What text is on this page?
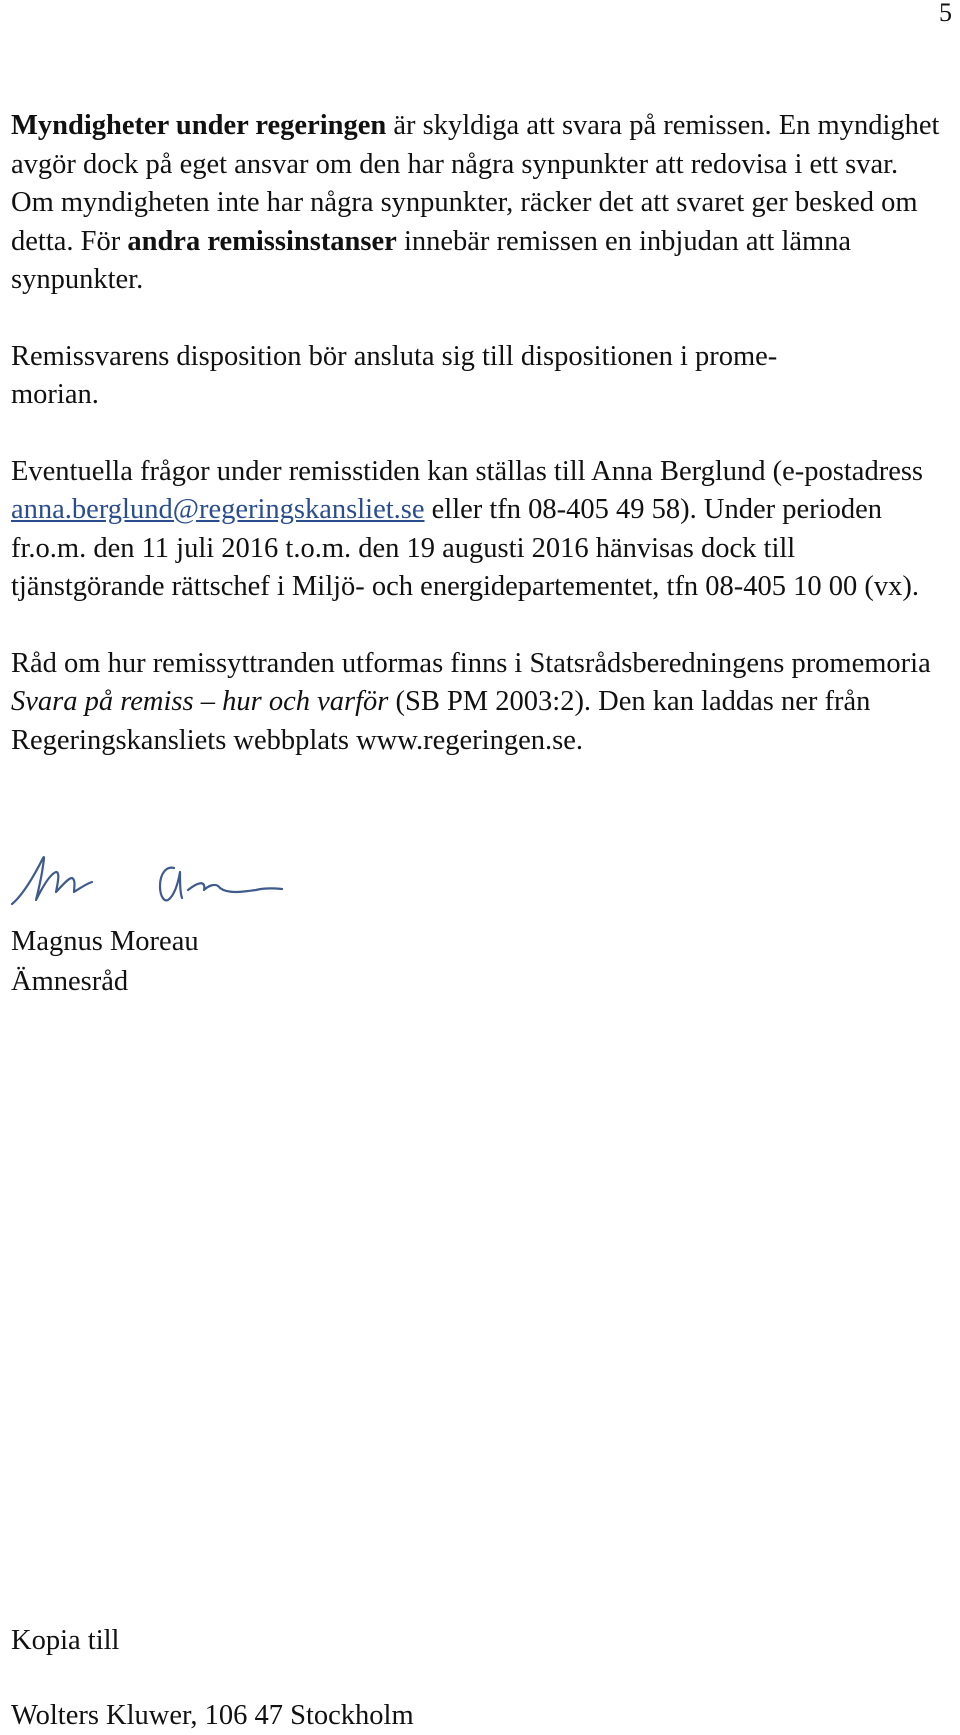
5

Myndigheter under regeringen är skyldiga att svara på remissen. En myndighet avgör dock på eget ansvar om den har några synpunkter att redovisa i ett svar. Om myndigheten inte har några synpunkter, räcker det att svaret ger besked om detta. För andra remissinstanser innebär remissen en inbjudan att lämna synpunkter.

Remissvarens disposition bör ansluta sig till dispositionen i prome-
morian.

Eventuella frågor under remisstiden kan ställas till Anna Berglund (e-postadress anna.berglund@regeringskansliet.se eller tfn 08-405 49 58). Under perioden fr.o.m. den 11 juli 2016 t.o.m. den 19 augusti 2016 hänvisas dock till tjänstgörande rättschef i Miljö- och energidepartementet, tfn 08-405 10 00 (vx).

Råd om hur remissyttranden utformas finns i Statsrådsberedningens promemoria Svara på remiss – hur och varför (SB PM 2003:2). Den kan laddas ner från Regeringskansliets webbplats www.regeringen.se.

Magnus Moreau
Ämnesråd
Kopia till
Wolters Kluwer, 106 47 Stockholm
